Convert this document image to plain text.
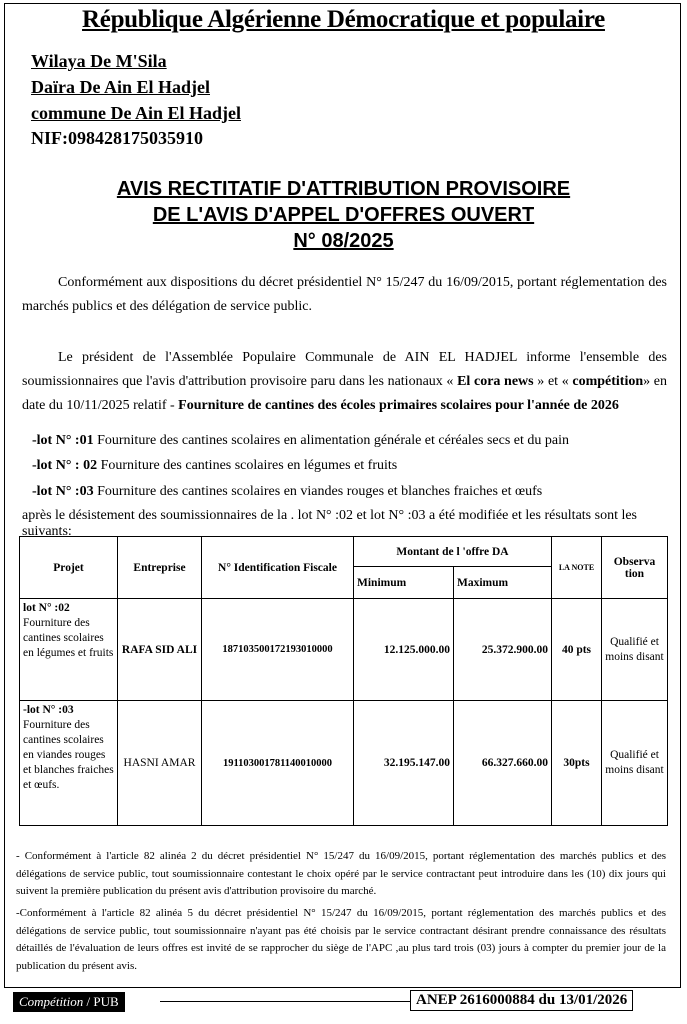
République Algérienne Démocratique et populaire
Wilaya De M'Sila
Daïra De Ain El Hadjel
commune De Ain El Hadjel
NIF:098428175035910
AVIS RECTITATIF D'ATTRIBUTION PROVISOIRE
DE L'AVIS D'APPEL D'OFFRES OUVERT
N° 08/2025
Conformément aux dispositions du décret présidentiel N° 15/247 du 16/09/2015, portant réglementation des marchés publics et des délégation de service public.
Le président de l'Assemblée Populaire Communale de AIN EL HADJEL informe l'ensemble des soumissionnaires que l'avis d'attribution provisoire paru dans les nationaux « El cora news » et « compétition» en date du 10/11/2025 relatif - Fourniture de cantines des écoles primaires scolaires pour l'année de 2026
-lot N° :01 Fourniture des cantines scolaires en alimentation générale et céréales secs et du pain
-lot N° : 02 Fourniture des cantines scolaires en légumes et fruits
-lot N° :03 Fourniture des cantines scolaires en viandes rouges et blanches fraiches et œufs
après le désistement des soumissionnaires de la . lot N° :02 et lot N° :03 a été modifiée et les résultats sont les suivants:
Projet	Entreprise	N° Identification Fiscale	Montant de l 'offre DA		LA NOTE	Observa tion
			Minimum	Maximum		
lot N° :02
Fourniture des cantines scolaires en légumes et fruits	RAFA SID ALI	187103500172193010000	12.125.000.00	25.372.900.00	40 pts	Qualifié et moins disant
-lot N° :03
Fourniture des cantines scolaires en viandes rouges et blanches fraiches et œufs.	HASNI AMAR	191103001781140010000	32.195.147.00	66.327.660.00	30pts	Qualifié et moins disant
- Conformément à l'article 82 alinéa 2 du décret présidentiel N° 15/247 du 16/09/2015, portant réglementation des marchés publics et des délégations de service public, tout soumissionnaire contestant le choix opéré par le service contractant peut introduire dans les (10) dix jours qui suivent la première publication du présent avis d'attribution provisoire du marché.
-Conformément à l'article 82 alinéa 5 du décret présidentiel N° 15/247 du 16/09/2015, portant réglementation des marchés publics et des délégations de service public, tout soumissionnaire n'ayant pas été choisis par le service contractant désirant prendre connaissance des résultats détaillés de l'évaluation de leurs offres est invité de se rapprocher du siège de l'APC ,au plus tard trois (03) jours à compter du premier jour de la publication du présent avis.
Compétition / PUB	ANEP 2616000884 du 13/01/2026
